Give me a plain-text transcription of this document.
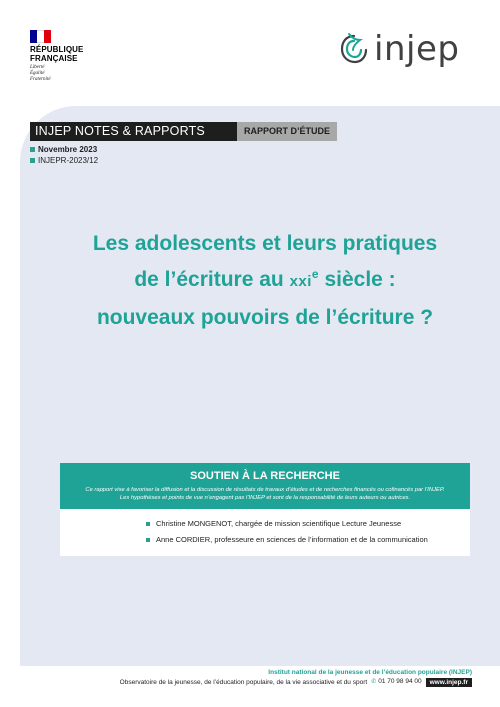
RÉPUBLIQUE
FRANÇAISE
Liberté
Égalité
Fraternité
injep
INJEP NOTES & RAPPORTS	RAPPORT D’ÉTUDE
Novembre 2023
INJEPR-2023/12
Les adolescents et leurs pratiques
de l’écriture au xxi$^e$ siècle :
nouveaux pouvoirs de l’écriture ?
SOUTIEN À LA RECHERCHE
Ce rapport vise à favoriser la diffusion et la discussion de résultats de travaux d’études et de recherches financés ou cofinancés par l’INJEP.
Les hypothèses et points de vue n’engagent pas l’INJEP et sont de la responsabilité de leurs auteurs ou autrices.
Christine MONGENOT, chargée de mission scientifique Lecture Jeunesse
Anne CORDIER, professeure en sciences de l’information et de la communication
Institut national de la jeunesse et de l’éducation populaire (INJEP)
Observatoire de la jeunesse, de l’éducation populaire, de la vie associative et du sport ✆ 01 70 98 94 00	www.injep.fr
